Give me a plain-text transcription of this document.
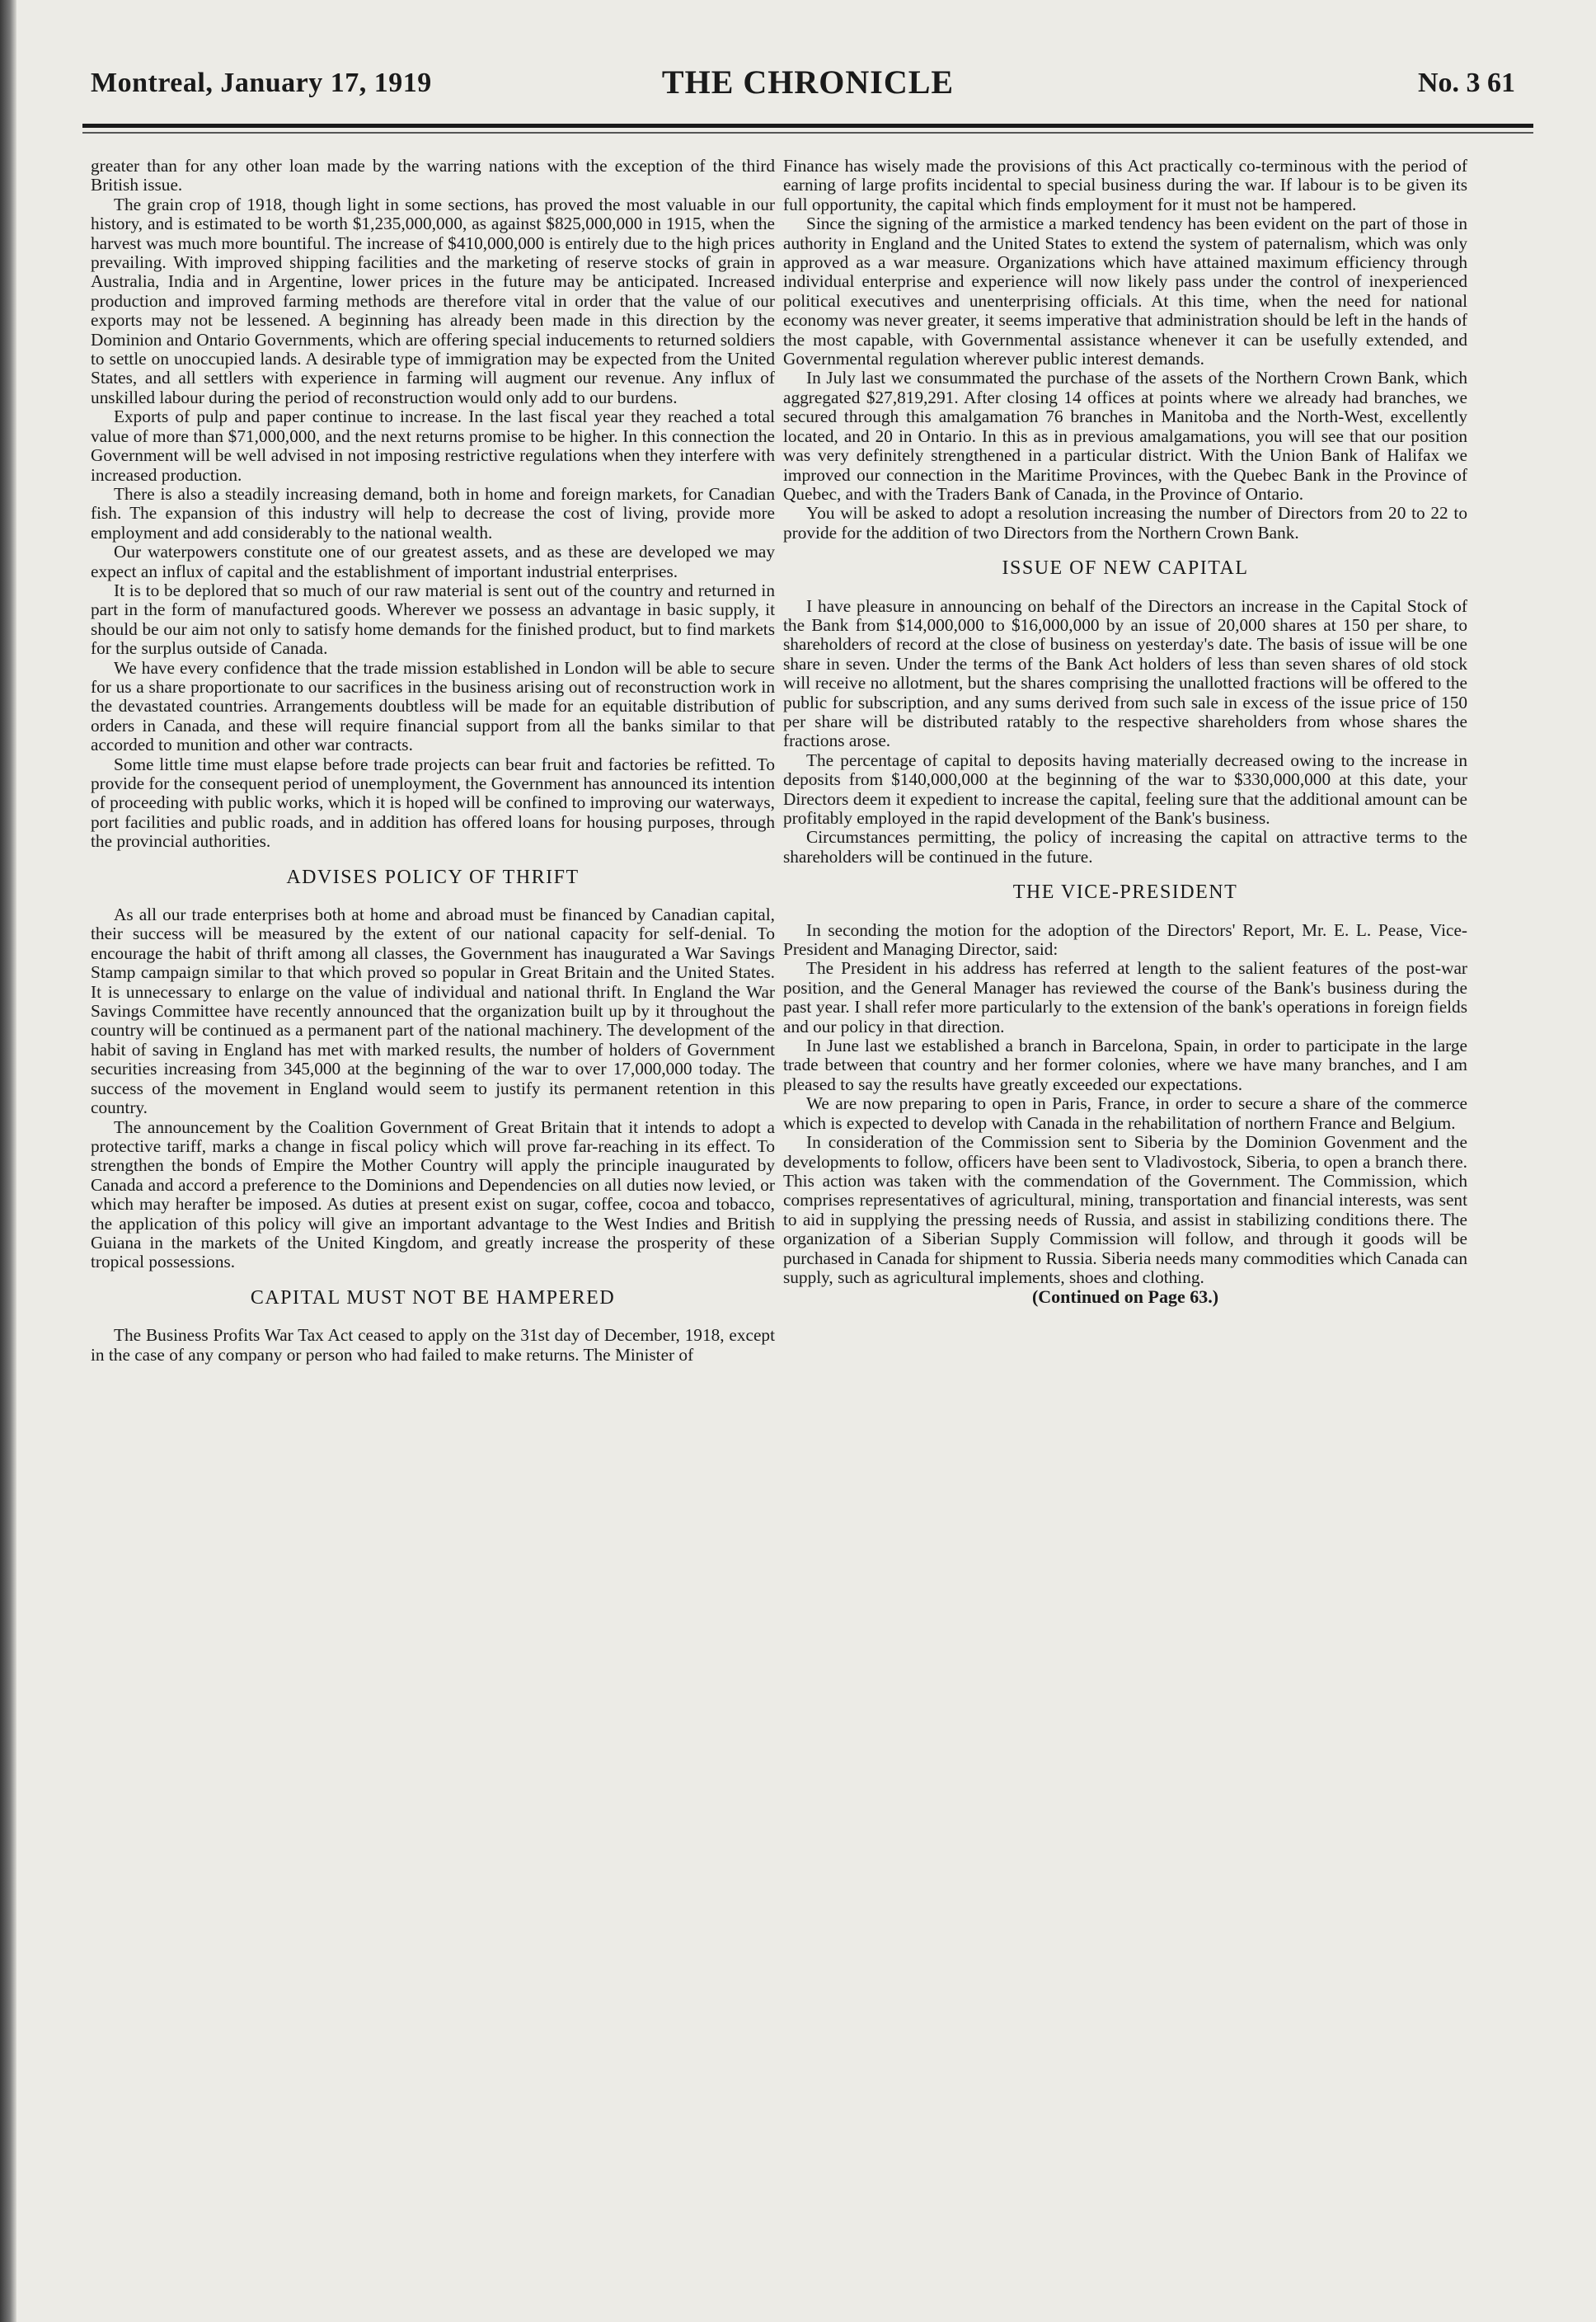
Montreal, January 17, 1919	THE CHRONICLE	No. 3 61

greater than for any other loan made by the warring nations with the exception of the third British issue.

The grain crop of 1918, though light in some sections, has proved the most valuable in our history, and is estimated to be worth $1,235,000,000, as against $825,000,000 in 1915, when the harvest was much more bountiful. The increase of $410,000,000 is entirely due to the high prices prevailing. With improved shipping facilities and the marketing of reserve stocks of grain in Australia, India and in Argentine, lower prices in the future may be anticipated. Increased production and improved farming methods are therefore vital in order that the value of our exports may not be lessened. A beginning has already been made in this direction by the Dominion and Ontario Governments, which are offering special inducements to returned soldiers to settle on unoccupied lands. A desirable type of immigration may be expected from the United States, and all settlers with experience in farming will augment our revenue. Any influx of unskilled labour during the period of reconstruction would only add to our burdens.

Exports of pulp and paper continue to increase. In the last fiscal year they reached a total value of more than $71,000,000, and the next returns promise to be higher. In this connection the Government will be well advised in not imposing restrictive regulations when they interfere with increased production.

There is also a steadily increasing demand, both in home and foreign markets, for Canadian fish. The expansion of this industry will help to decrease the cost of living, provide more employment and add considerably to the national wealth.

Our waterpowers constitute one of our greatest assets, and as these are developed we may expect an influx of capital and the establishment of important industrial enterprises.

It is to be deplored that so much of our raw material is sent out of the country and returned in part in the form of manufactured goods. Wherever we possess an advantage in basic supply, it should be our aim not only to satisfy home demands for the finished product, but to find markets for the surplus outside of Canada.

We have every confidence that the trade mission established in London will be able to secure for us a share proportionate to our sacrifices in the business arising out of reconstruction work in the devastated countries. Arrangements doubtless will be made for an equitable distribution of orders in Canada, and these will require financial support from all the banks similar to that accorded to munition and other war contracts.

Some little time must elapse before trade projects can bear fruit and factories be refitted. To provide for the consequent period of unemployment, the Government has announced its intention of proceeding with public works, which it is hoped will be confined to improving our waterways, port facilities and public roads, and in addition has offered loans for housing purposes, through the provincial authorities.

ADVISES POLICY OF THRIFT

As all our trade enterprises both at home and abroad must be financed by Canadian capital, their success will be measured by the extent of our national capacity for self-denial. To encourage the habit of thrift among all classes, the Government has inaugurated a War Savings Stamp campaign similar to that which proved so popular in Great Britain and the United States. It is unnecessary to enlarge on the value of individual and national thrift. In England the War Savings Committee have recently announced that the organization built up by it throughout the country will be continued as a permanent part of the national machinery. The development of the habit of saving in England has met with marked results, the number of holders of Government securities increasing from 345,000 at the beginning of the war to over 17,000,000 today. The success of the movement in England would seem to justify its permanent retention in this country.

The announcement by the Coalition Government of Great Britain that it intends to adopt a protective tariff, marks a change in fiscal policy which will prove far-reaching in its effect. To strengthen the bonds of Empire the Mother Country will apply the principle inaugurated by Canada and accord a preference to the Dominions and Dependencies on all duties now levied, or which may herafter be imposed. As duties at present exist on sugar, coffee, cocoa and tobacco, the application of this policy will give an important advantage to the West Indies and British Guiana in the markets of the United Kingdom, and greatly increase the prosperity of these tropical possessions.

CAPITAL MUST NOT BE HAMPERED

The Business Profits War Tax Act ceased to apply on the 31st day of December, 1918, except in the case of any company or person who had failed to make returns. The Minister of

Finance has wisely made the provisions of this Act practically co-terminous with the period of earning of large profits incidental to special business during the war. If labour is to be given its full opportunity, the capital which finds employment for it must not be hampered.

Since the signing of the armistice a marked tendency has been evident on the part of those in authority in England and the United States to extend the system of paternalism, which was only approved as a war measure. Organizations which have attained maximum efficiency through individual enterprise and experience will now likely pass under the control of inexperienced political executives and unenterprising officials. At this time, when the need for national economy was never greater, it seems imperative that administration should be left in the hands of the most capable, with Governmental assistance whenever it can be usefully extended, and Governmental regulation wherever public interest demands.

In July last we consummated the purchase of the assets of the Northern Crown Bank, which aggregated $27,819,291. After closing 14 offices at points where we already had branches, we secured through this amalgamation 76 branches in Manitoba and the North-West, excellently located, and 20 in Ontario. In this as in previous amalgamations, you will see that our position was very definitely strengthened in a particular district. With the Union Bank of Halifax we improved our connection in the Maritime Provinces, with the Quebec Bank in the Province of Quebec, and with the Traders Bank of Canada, in the Province of Ontario.

You will be asked to adopt a resolution increasing the number of Directors from 20 to 22 to provide for the addition of two Directors from the Northern Crown Bank.

ISSUE OF NEW CAPITAL

I have pleasure in announcing on behalf of the Directors an increase in the Capital Stock of the Bank from $14,000,000 to $16,000,000 by an issue of 20,000 shares at 150 per share, to shareholders of record at the close of business on yesterday's date. The basis of issue will be one share in seven. Under the terms of the Bank Act holders of less than seven shares of old stock will receive no allotment, but the shares comprising the unallotted fractions will be offered to the public for subscription, and any sums derived from such sale in excess of the issue price of 150 per share will be distributed ratably to the respective shareholders from whose shares the fractions arose.

The percentage of capital to deposits having materially decreased owing to the increase in deposits from $140,000,000 at the beginning of the war to $330,000,000 at this date, your Directors deem it expedient to increase the capital, feeling sure that the additional amount can be profitably employed in the rapid development of the Bank's business.

Circumstances permitting, the policy of increasing the capital on attractive terms to the shareholders will be continued in the future.

THE VICE-PRESIDENT

In seconding the motion for the adoption of the Directors' Report, Mr. E. L. Pease, Vice-President and Managing Director, said:

The President in his address has referred at length to the salient features of the post-war position, and the General Manager has reviewed the course of the Bank's business during the past year. I shall refer more particularly to the extension of the bank's operations in foreign fields and our policy in that direction.

In June last we established a branch in Barcelona, Spain, in order to participate in the large trade between that country and her former colonies, where we have many branches, and I am pleased to say the results have greatly exceeded our expectations.

We are now preparing to open in Paris, France, in order to secure a share of the commerce which is expected to develop with Canada in the rehabilitation of northern France and Belgium.

In consideration of the Commission sent to Siberia by the Dominion Govenment and the developments to follow, officers have been sent to Vladivostock, Siberia, to open a branch there. This action was taken with the commendation of the Government. The Commission, which comprises representatives of agricultural, mining, transportation and financial interests, was sent to aid in supplying the pressing needs of Russia, and assist in stabilizing conditions there. The organization of a Siberian Supply Commission will follow, and through it goods will be purchased in Canada for shipment to Russia. Siberia needs many commodities which Canada can supply, such as agricultural implements, shoes and clothing.

(Continued on Page 63.)
